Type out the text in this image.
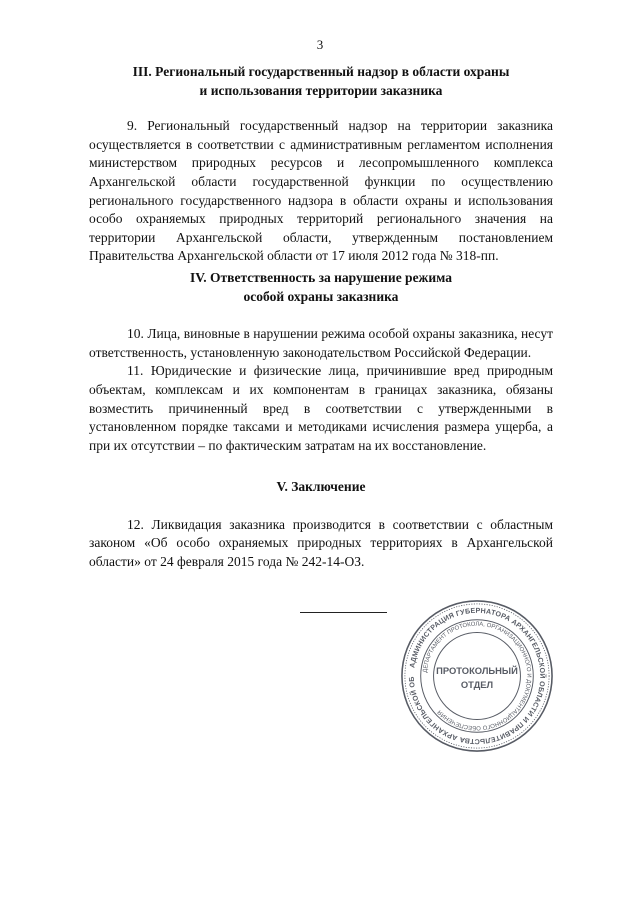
3

III. Региональный государственный надзор в области охраны

и использования территории заказника

9. Региональный государственный надзор на территории заказника осуществляется в соответствии с административным регламентом исполнения министерством природных ресурсов и лесопромышленного комплекса Архангельской области государственной функции по осуществлению регионального государственного надзора в области охраны и использования особо охраняемых природных территорий регионального значения на территории Архангельской области, утвержденным постановлением Правительства Архангельской области от 17 июля 2012 года № 318-пп.

IV. Ответственность за нарушение режима

особой охраны заказника

10. Лица, виновные в нарушении режима особой охраны заказника, несут ответственность, установленную законодательством Российской Федерации.

11. Юридические и физические лица, причинившие вред природным объектам, комплексам и их компонентам в границах заказника, обязаны возместить причиненный вред в соответствии с утвержденными в установленном порядке таксами и методиками исчисления размера ущерба, а при их отсутствии – по фактическим затратам на их восстановление.

V. Заключение

12. Ликвидация заказника производится в соответствии с областным законом «Об особо охраняемых природных территориях в Архангельской области» от 24 февраля 2015 года № 242-14-ОЗ.

АДМИНИСТРАЦИЯ ГУБЕРНАТОРА АРХАНГЕЛЬСКОЙ ОБЛАСТИ И ПРАВИТЕЛЬСТВА АРХАНГЕЛЬСКОЙ ОБ
ДЕПАРТАМЕНТ ПРОТОКОЛА, ОРГАНИЗАЦИОННОГО И ДОКУМЕНТАЦИОННОГО ОБЕСПЕЧЕНИЯ
ПРОТОКОЛЬНЫЙ
ОТДЕЛ
